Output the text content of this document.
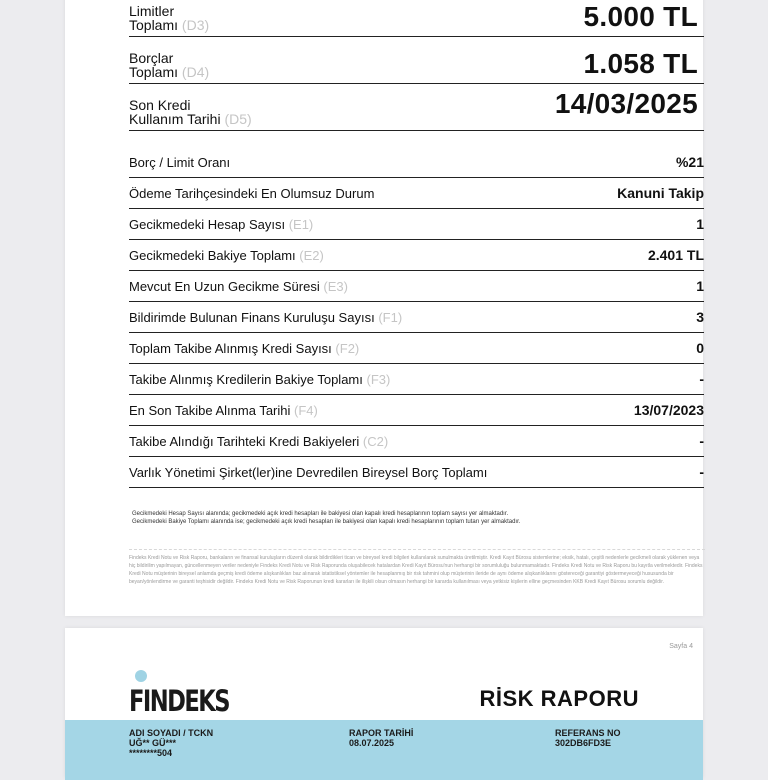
Limitler
Toplamı (D3)	5.000 TL
Borçlar
Toplamı (D4)	1.058 TL
Son Kredi
Kullanım Tarihi (D5)	14/03/2025
Borç / Limit Oranı	%21
Ödeme Tarihçesindeki En Olumsuz Durum	Kanuni Takip
Gecikmedeki Hesap Sayısı (E1)	1
Gecikmedeki Bakiye Toplamı (E2)	2.401 TL
Mevcut En Uzun Gecikme Süresi (E3)	1
Bildirimde Bulunan Finans Kuruluşu Sayısı (F1)	3
Toplam Takibe Alınmış Kredi Sayısı (F2)	0
Takibe Alınmış Kredilerin Bakiye Toplamı (F3)	-
En Son Takibe Alınma Tarihi (F4)	13/07/2023
Takibe Alındığı Tarihteki Kredi Bakiyeleri (C2)	-
Varlık Yönetimi Şirket(ler)ine Devredilen Bireysel Borç Toplamı	-
Gecikmedeki Hesap Sayısı alanında; gecikmedeki açık kredi hesapları ile bakiyesi olan kapalı kredi hesaplarının toplam sayısı yer almaktadır.
Gecikmedeki Bakiye Toplamı alanında ise; gecikmedeki açık kredi hesapları ile bakiyesi olan kapalı kredi hesaplarının toplam tutarı yer almaktadır.
Findeks Kredi Notu ve Risk Raporu, bankaların ve finansal kuruluşların düzenli olarak bildirdikleri tican ve bireysel kredi bilgileri kullanılarak sunulmakta üretilmiştir. Kredi Kayıt Bürosu sistemlerine; eksik, hatalı, çeşitli nedenlerle gecikmeli olarak yüklenen veya hiç bildirilim yapılmayan, güncellenmeyen veriler nedeniyle Findeks Kredi Notu ve Risk Raporunda oluşabilecek hatalardan Kredi Kayıt Bürosu'nun herhangi bir sorumluluğu bulunmamaktadır. Findeks Kredi Notu ve Risk Raporu bu kayıtla verilmektedir. Findeks Kredi Notu müşterinin bireysel anlamda geçmiş kredi ödeme alışkanlıkları baz alınarak istatistiksel yöntemler ile hesaplanmış bir risk tahmini olup müşterinin ileride de aynı ödeme alışkanlıklarını göstereceği garantiyi göstermeyeceği hususunda bir beyan/yönlendirme ve garanti teşhisidir değildir. Findeks Kredi Notu ve Risk Raporunun kredi kararları ile ilişkili olsun olmasın herhangi bir kararda kullanılması veya yetkisiz kişilerin elline geçmesinden KKB Kredi Kayıt Bürosu sorumlu değildir.
Sayfa 4
FINDEKS	RİSK RAPORU
ADI SOYADI / TCKN
UĞ** GÜ***
********504
RAPOR TARİHİ
08.07.2025
REFERANS NO
302DB6FD3E
